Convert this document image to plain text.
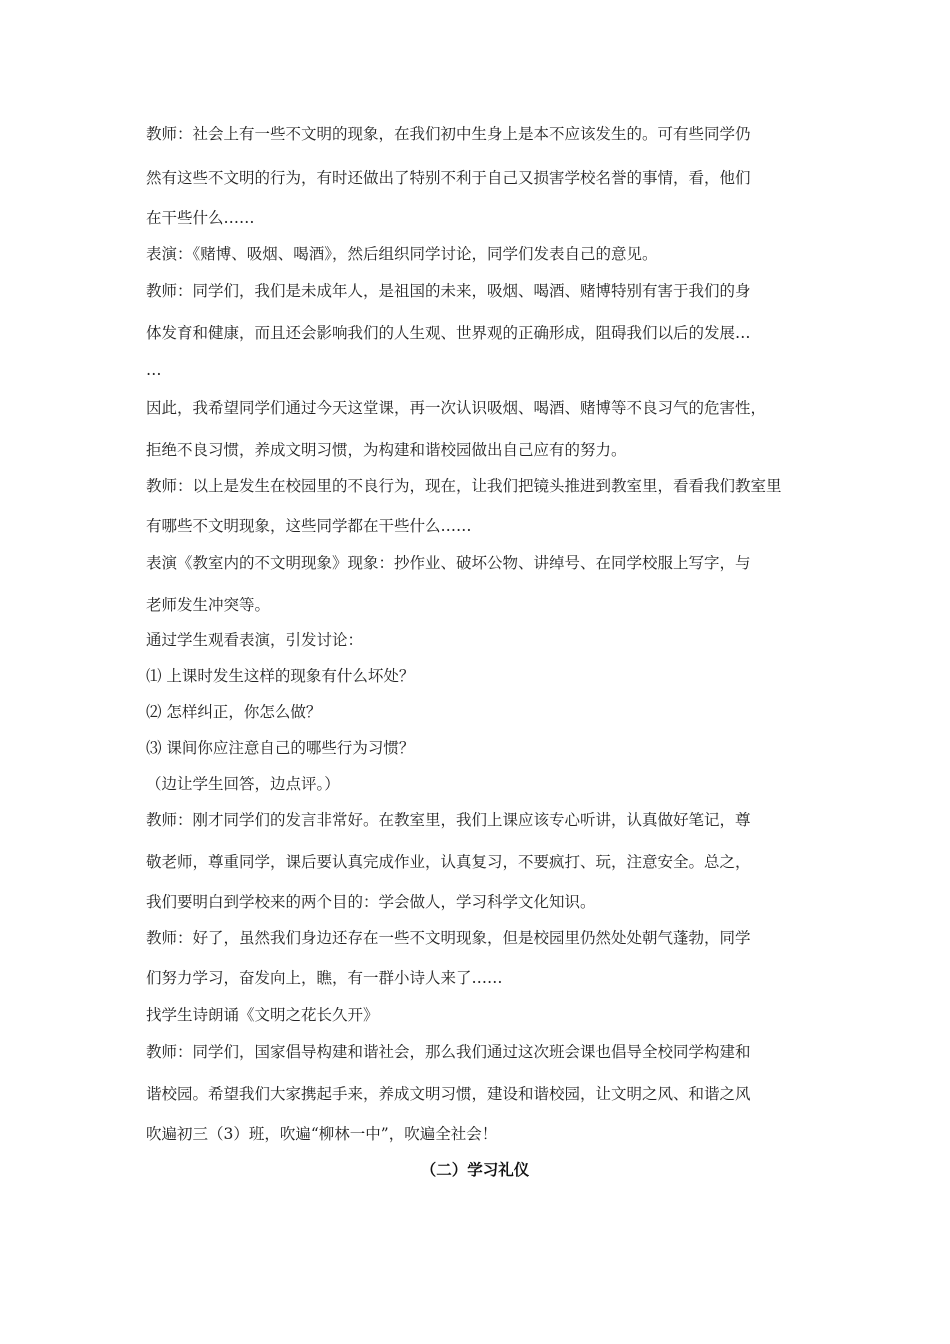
教师：社会上有一些不文明的现象，在我们初中生身上是本不应该发生的。可有些同学仍
然有这些不文明的行为，有时还做出了特别不利于自己又损害学校名誉的事情，看，他们
在干些什么……
表演：《赌博、吸烟、喝酒》，然后组织同学讨论，同学们发表自己的意见。
教师：同学们，我们是未成年人，是祖国的未来，吸烟、喝酒、赌博特别有害于我们的身
体发育和健康，而且还会影响我们的人生观、世界观的正确形成，阻碍我们以后的发展…
…
因此，我希望同学们通过今天这堂课，再一次认识吸烟、喝酒、赌博等不良习气的危害性，
拒绝不良习惯，养成文明习惯，为构建和谐校园做出自己应有的努力。
教师：以上是发生在校园里的不良行为，现在，让我们把镜头推进到教室里，看看我们教室里
有哪些不文明现象，这些同学都在干些什么……
表演《教室内的不文明现象》现象：抄作业、破坏公物、讲绰号、在同学校服上写字，与
老师发生冲突等。
通过学生观看表演，引发讨论：
⑴ 上课时发生这样的现象有什么坏处？
⑵ 怎样纠正，你怎么做？
⑶ 课间你应注意自己的哪些行为习惯？
（边让学生回答，边点评。）
教师：刚才同学们的发言非常好。在教室里，我们上课应该专心听讲，认真做好笔记，尊
敬老师，尊重同学，课后要认真完成作业，认真复习，不要疯打、玩，注意安全。总之，
我们要明白到学校来的两个目的：学会做人，学习科学文化知识。
教师：好了，虽然我们身边还存在一些不文明现象，但是校园里仍然处处朝气蓬勃，同学
们努力学习，奋发向上，瞧，有一群小诗人来了……
找学生诗朗诵《文明之花长久开》
教师：同学们，国家倡导构建和谐社会，那么我们通过这次班会课也倡导全校同学构建和
谐校园。希望我们大家携起手来，养成文明习惯，建设和谐校园，让文明之风、和谐之风
吹遍初三（3）班，吹遍“柳林一中”，吹遍全社会！
（二）学习礼仪
